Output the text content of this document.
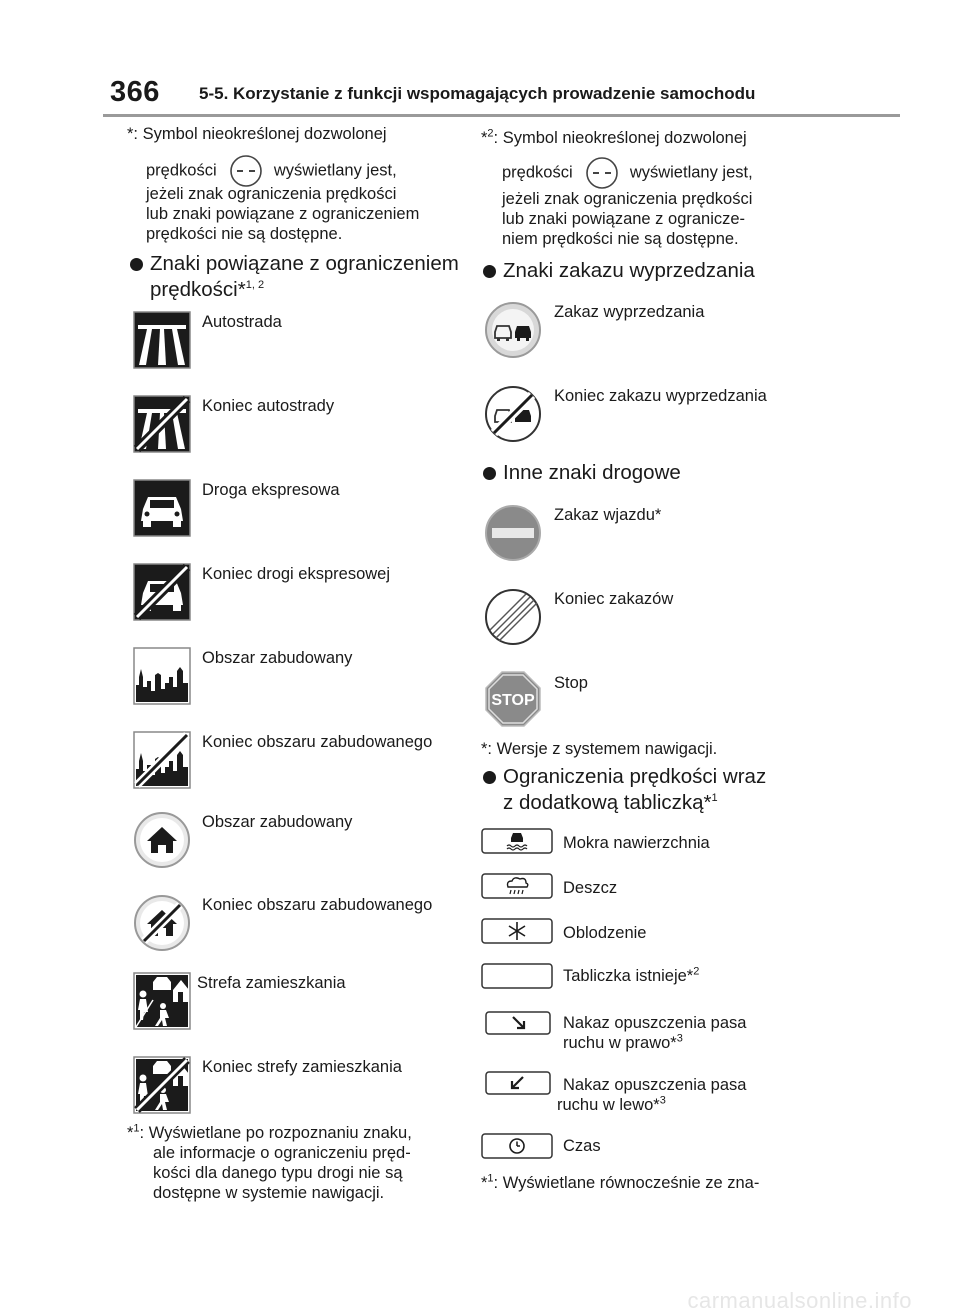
366 5-5. Korzystanie z funkcji wspomagających prowadzenie samochodu
*: Symbol nieokreślonej dozwolonej
prędkości	wyświetlany jest,
jeżeli znak ograniczenia prędkości
lub znaki powiązane z ograniczeniem
prędkości nie są dostępne.
Znaki powiązane z ograniczeniem
prędkości*$^{1, 2}$
Autostrada
Koniec autostrady
Droga ekspresowa
Koniec drogi ekspresowej
Obszar zabudowany
Koniec obszaru zabudowanego
Obszar zabudowany
Koniec obszaru zabudowanego
Strefa zamieszkania
Koniec strefy zamieszkania
*$^1$: Wyświetlane po rozpoznaniu znaku,
ale informacje o ograniczeniu pręd-
kości dla danego typu drogi nie są
dostępne w systemie nawigacji.
*$^2$: Symbol nieokreślonej dozwolonej
prędkości	wyświetlany jest,
jeżeli znak ograniczenia prędkości
lub znaki powiązane z ogranicze-
niem prędkości nie są dostępne.
Znaki zakazu wyprzedzania
Zakaz wyprzedzania
Koniec zakazu wyprzedzania
Inne znaki drogowe
Zakaz wjazdu*
Koniec zakazów
STOP
Stop
*: Wersje z systemem nawigacji.
Ograniczenia prędkości wraz
z dodatkową tabliczką*$^1$
Mokra nawierzchnia
Deszcz
Oblodzenie
Tabliczka istnieje*$^2$
Nakaz opuszczenia pasa
ruchu w prawo*$^3$
Nakaz opuszczenia pasa
ruchu w lewo*$^3$
Czas
*$^1$: Wyświetlane równocześnie ze zna-
carmanualsonline.info
